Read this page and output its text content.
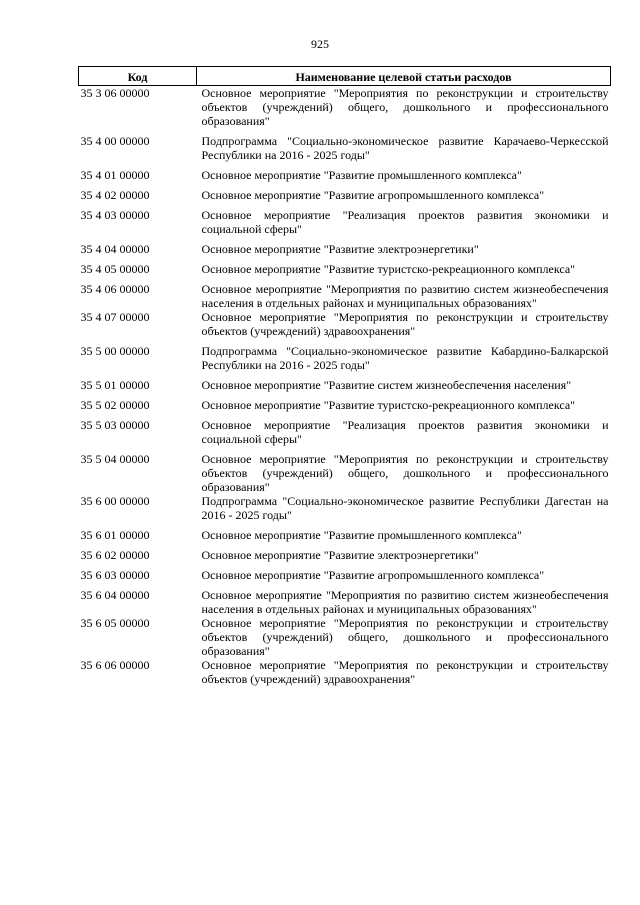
925
Код	Наименование целевой статьи расходов
35 3 06 00000	Основное мероприятие "Мероприятия по реконструкции и строительству объектов (учреждений) общего, дошкольного и профессионального образования"
35 4 00 00000	Подпрограмма "Социально-экономическое развитие Карачаево-Черкесской Республики на 2016 - 2025 годы"
35 4 01 00000	Основное мероприятие "Развитие промышленного комплекса"
35 4 02 00000	Основное мероприятие "Развитие агропромышленного комплекса"
35 4 03 00000	Основное мероприятие "Реализация проектов развития экономики и социальной сферы"
35 4 04 00000	Основное мероприятие "Развитие электроэнергетики"
35 4 05 00000	Основное мероприятие "Развитие туристско-рекреационного комплекса"
35 4 06 00000	Основное мероприятие "Мероприятия по развитию систем жизнеобеспечения населения в отдельных районах и муниципальных образованиях"
35 4 07 00000	Основное мероприятие "Мероприятия по реконструкции и строительству объектов (учреждений) здравоохранения"
35 5 00 00000	Подпрограмма "Социально-экономическое развитие Кабардино-Балкарской Республики на 2016 - 2025 годы"
35 5 01 00000	Основное мероприятие "Развитие систем жизнеобеспечения населения"
35 5 02 00000	Основное мероприятие "Развитие туристско-рекреационного комплекса"
35 5 03 00000	Основное мероприятие "Реализация проектов развития экономики и социальной сферы"
35 5 04 00000	Основное мероприятие "Мероприятия по реконструкции и строительству объектов (учреждений) общего, дошкольного и профессионального образования"
35 6 00 00000	Подпрограмма "Социально-экономическое развитие Республики Дагестан на 2016 - 2025 годы"
35 6 01 00000	Основное мероприятие "Развитие промышленного комплекса"
35 6 02 00000	Основное мероприятие "Развитие электроэнергетики"
35 6 03 00000	Основное мероприятие "Развитие агропромышленного комплекса"
35 6 04 00000	Основное мероприятие "Мероприятия по развитию систем жизнеобеспечения населения в отдельных районах и муниципальных образованиях"
35 6 05 00000	Основное мероприятие "Мероприятия по реконструкции и строительству объектов (учреждений) общего, дошкольного и профессионального образования"
35 6 06 00000	Основное мероприятие "Мероприятия по реконструкции и строительству объектов (учреждений) здравоохранения"
